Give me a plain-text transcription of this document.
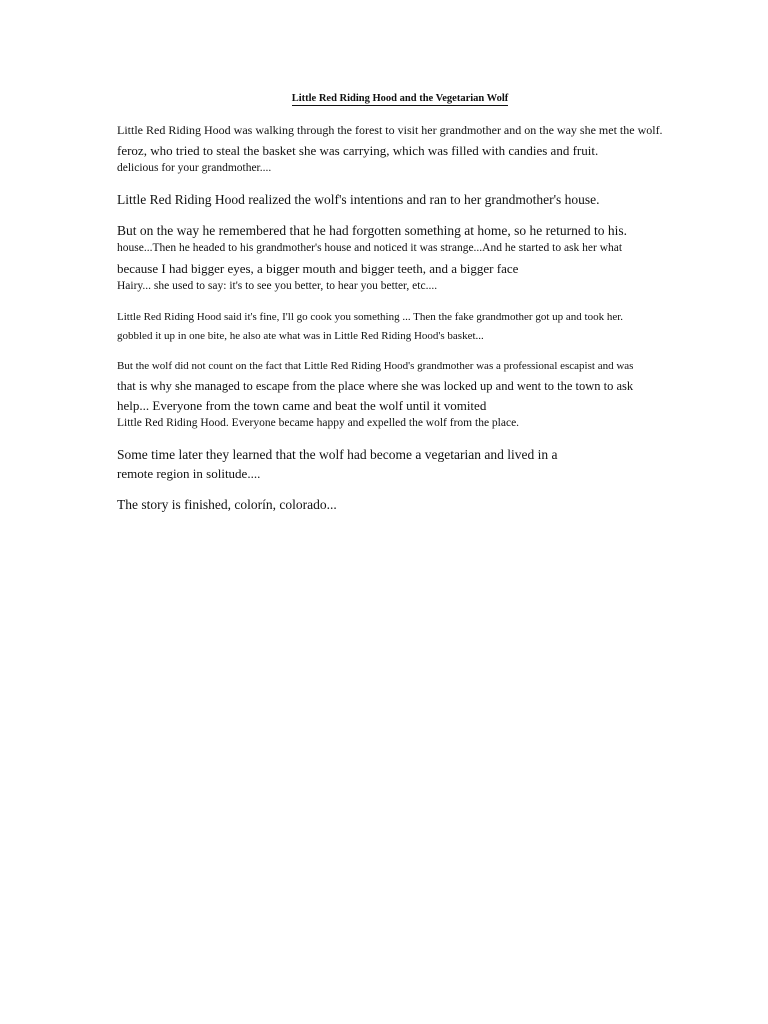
Little Red Riding Hood and the Vegetarian Wolf
Little Red Riding Hood was walking through the forest to visit her grandmother and on the way she met the wolf.
feroz, who tried to steal the basket she was carrying, which was filled with candies and fruit.
delicious for your grandmother....
Little Red Riding Hood realized the wolf's intentions and ran to her grandmother's house.
But on the way he remembered that he had forgotten something at home, so he returned to his.
house...Then he headed to his grandmother's house and noticed it was strange...And he started to ask her what
because I had bigger eyes, a bigger mouth and bigger teeth, and a bigger face
Hairy... she used to say: it's to see you better, to hear you better, etc....
Little Red Riding Hood said it's fine, I'll go cook you something ... Then the fake grandmother got up and took her.
gobbled it up in one bite, he also ate what was in Little Red Riding Hood's basket...
But the wolf did not count on the fact that Little Red Riding Hood's grandmother was a professional escapist and was
that is why she managed to escape from the place where she was locked up and went to the town to ask
help... Everyone from the town came and beat the wolf until it vomited
Little Red Riding Hood. Everyone became happy and expelled the wolf from the place.
Some time later they learned that the wolf had become a vegetarian and lived in a
remote region in solitude....
The story is finished, colorín, colorado...
